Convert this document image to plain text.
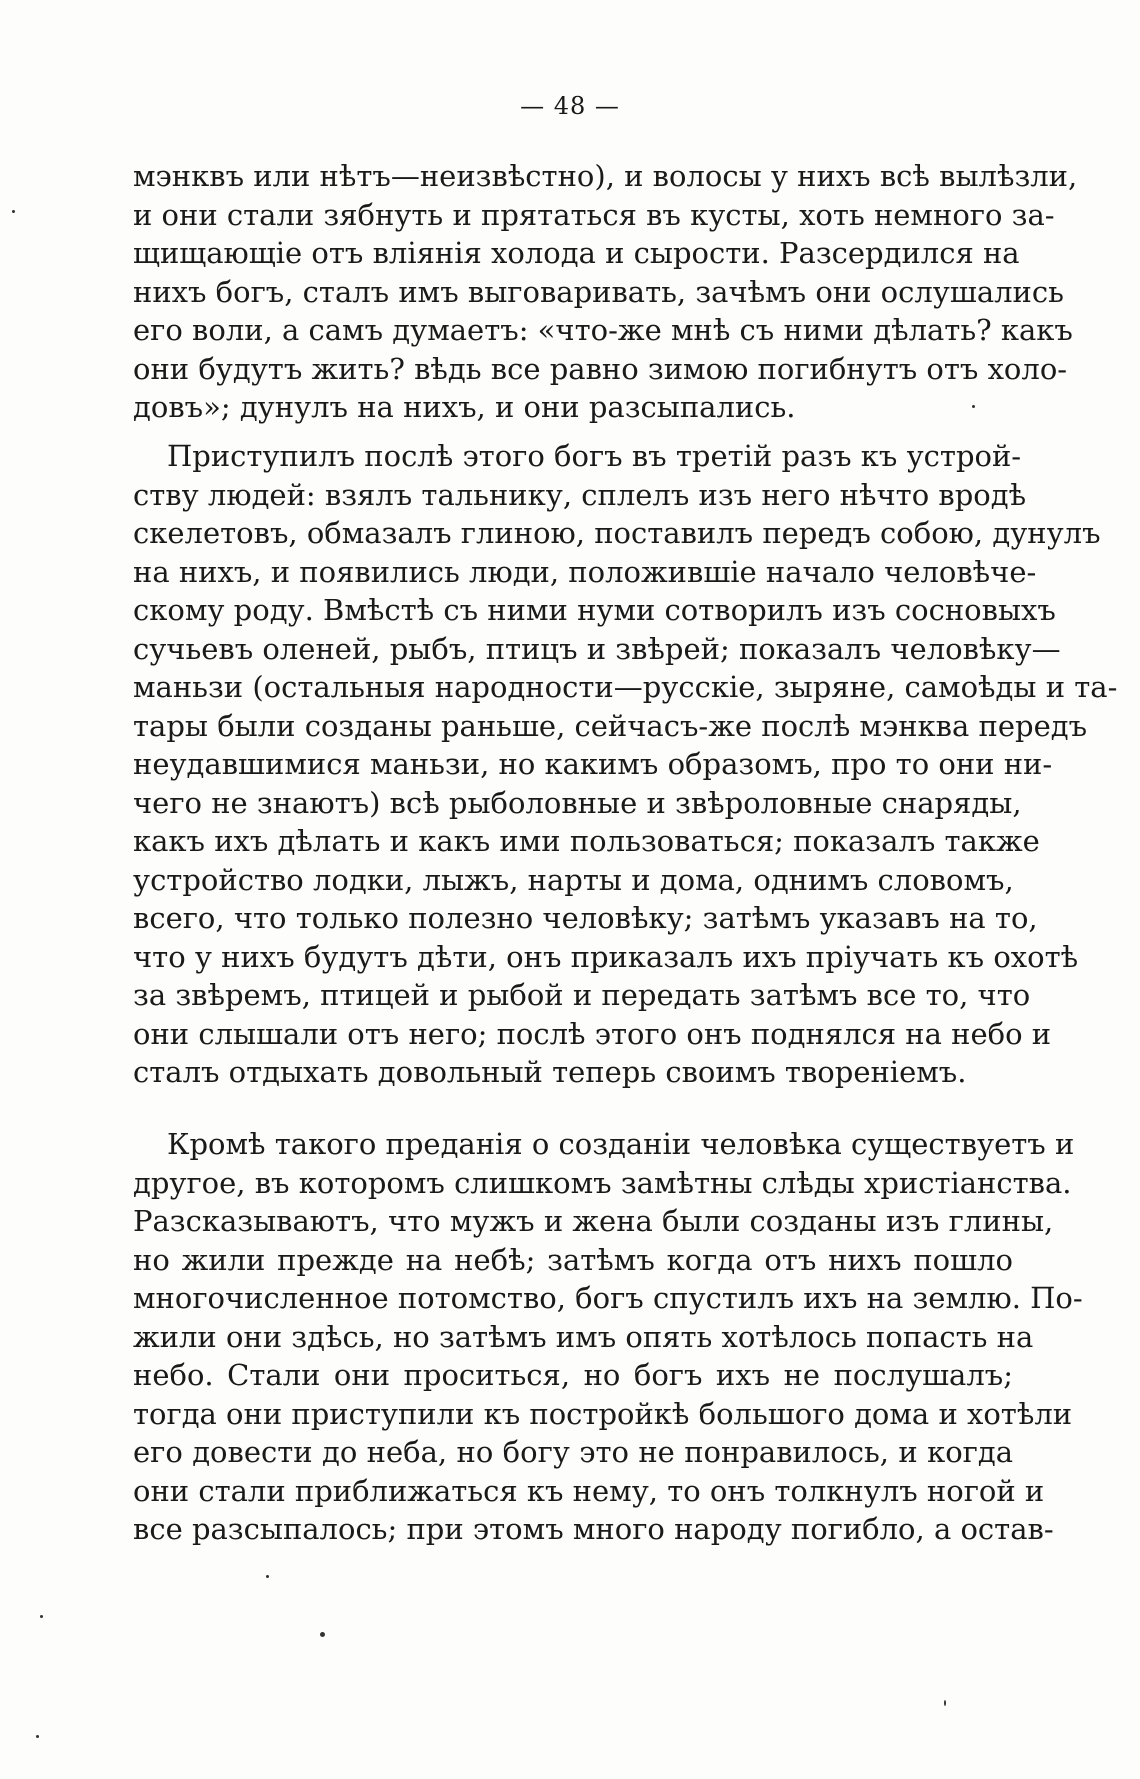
— 48 —
мэнквъ или нѣтъ—неизвѣстно), и волосы у нихъ всѣ вылѣзли,
и они стали зябнуть и прятаться въ кусты, хоть немного за-
щищающіе отъ вліянія холода и сырости. Разсердился на
нихъ богъ, сталъ имъ выговаривать, зачѣмъ они ослушались
его воли, а самъ думаетъ: «что-же мнѣ съ ними дѣлать? какъ
они будутъ жить? вѣдь все равно зимою погибнутъ отъ холо-
довъ»; дунулъ на нихъ, и они разсыпались.
Приступилъ послѣ этого богъ въ третій разъ къ устрой-
ству людей: взялъ тальнику, сплелъ изъ него нѣчто вродѣ
скелетовъ, обмазалъ глиною, поставилъ передъ собою, дунулъ
на нихъ, и появились люди, положившіе начало человѣче-
скому роду. Вмѣстѣ съ ними нуми сотворилъ изъ сосновыхъ
сучьевъ оленей, рыбъ, птицъ и звѣрей; показалъ человѣку—
маньзи (остальныя народности—русскіе, зыряне, самоѣды и та-
тары были созданы раньше, сейчасъ-же послѣ мэнква передъ
неудавшимися маньзи, но какимъ образомъ, про то они ни-
чего не знаютъ) всѣ рыболовные и звѣроловные снаряды,
какъ ихъ дѣлать и какъ ими пользоваться; показалъ также
устройство лодки, лыжъ, нарты и дома, однимъ словомъ,
всего, что только полезно человѣку; затѣмъ указавъ на то,
что у нихъ будутъ дѣти, онъ приказалъ ихъ пріучать къ охотѣ
за звѣремъ, птицей и рыбой и передать затѣмъ все то, что
они слышали отъ него; послѣ этого онъ поднялся на небо и
сталъ отдыхать довольный теперь своимъ твореніемъ.
Кромѣ такого преданія о созданіи человѣка существуетъ и
другое, въ которомъ слишкомъ замѣтны слѣды христіанства.
Разсказываютъ, что мужъ и жена были созданы изъ глины,
но жили прежде на небѣ; затѣмъ когда отъ нихъ пошло
многочисленное потомство, богъ спустилъ ихъ на землю. По-
жили они здѣсь, но затѣмъ имъ опять хотѣлось попасть на
небо. Стали они проситься, но богъ ихъ не послушалъ;
тогда они приступили къ постройкѣ большого дома и хотѣли
его довести до неба, но богу это не понравилось, и когда
они стали приближаться къ нему, то онъ толкнулъ ногой и
все разсыпалось; при этомъ много народу погибло, а остав-
